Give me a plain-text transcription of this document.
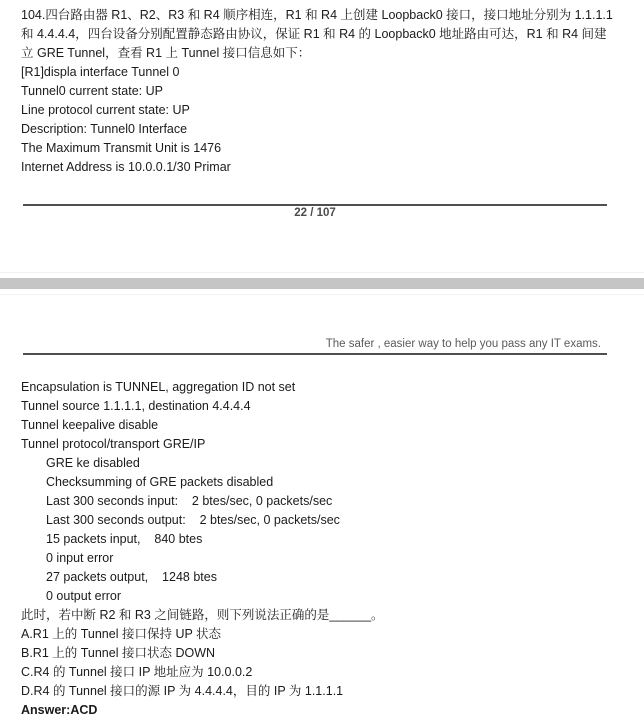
104.四台路由器 R1、R2、R3 和 R4 顺序相连，R1 和 R4 上创建 Loopback0 接口，接口地址分别为 1.1.1.1
和 4.4.4.4，四台设备分别配置静态路由协议，保证 R1 和 R4 的 Loopback0 地址路由可达，R1 和 R4 间建
立 GRE Tunnel，查看 R1 上 Tunnel 接口信息如下：
[R1]displa interface Tunnel 0
Tunnel0 current state: UP
Line protocol current state: UP
Description: Tunnel0 Interface
The Maximum Transmit Unit is 1476
Internet Address is 10.0.0.1/30 Primar
22 / 107
The safer , easier way to help you pass any IT exams.
Encapsulation is TUNNEL, aggregation ID not set
Tunnel source 1.1.1.1, destination 4.4.4.4
Tunnel keepalive disable
Tunnel protocol/transport GRE/IP
GRE ke disabled
Checksumming of GRE packets disabled
Last 300 seconds input:    2 btes/sec, 0 packets/sec
Last 300 seconds output:    2 btes/sec, 0 packets/sec
15 packets input,    840 btes
0 input error
27 packets output,    1248 btes
0 output error
此时，若中断 R2 和 R3 之间链路，则下列说法正确的是______。
A.R1 上的 Tunnel 接口保持 UP 状态
B.R1 上的 Tunnel 接口状态 DOWN
C.R4 的 Tunnel 接口 IP 地址应为 10.0.0.2
D.R4 的 Tunnel 接口的源 IP 为 4.4.4.4，目的 IP 为 1.1.1.1
Answer:ACD
